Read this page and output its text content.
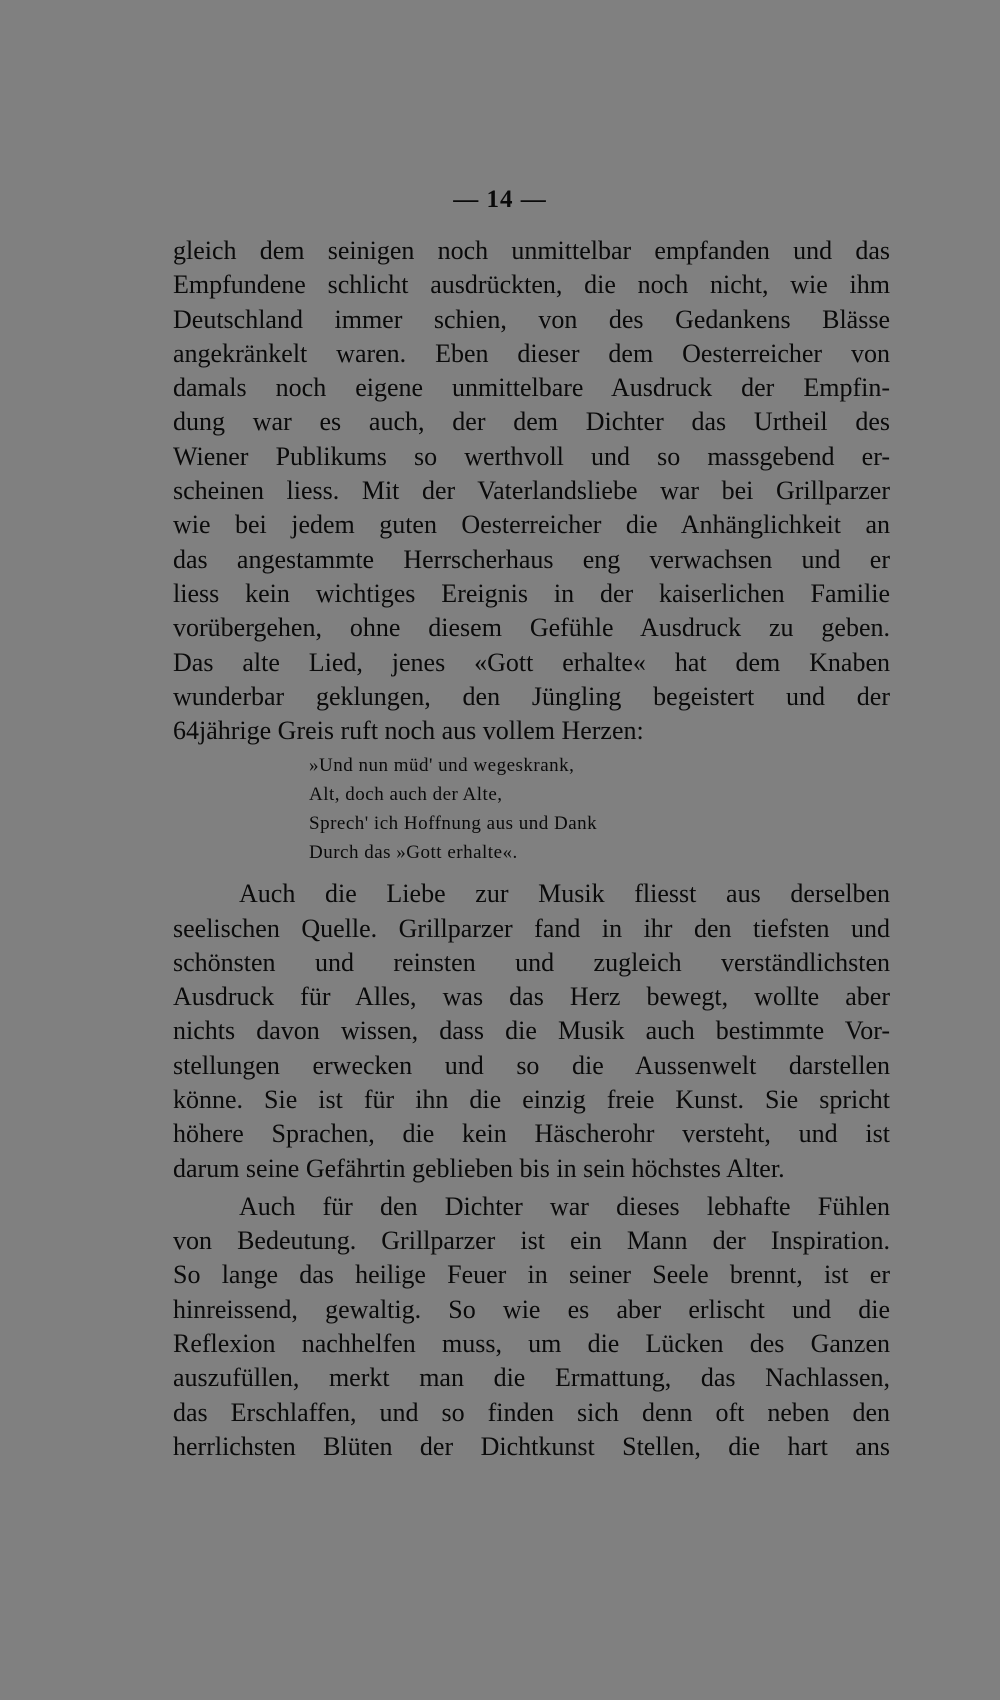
— 14 —
gleich dem seinigen noch unmittelbar empfanden und das
Empfundene schlicht ausdrückten, die noch nicht, wie ihm
Deutschland immer schien, von des Gedankens Blässe
angekränkelt waren. Eben dieser dem Oesterreicher von
damals noch eigene unmittelbare Ausdruck der Empfin-
dung war es auch, der dem Dichter das Urtheil des
Wiener Publikums so werthvoll und so massgebend er-
scheinen liess. Mit der Vaterlandsliebe war bei Grillparzer
wie bei jedem guten Oesterreicher die Anhänglichkeit an
das angestammte Herrscherhaus eng verwachsen und er
liess kein wichtiges Ereignis in der kaiserlichen Familie
vorübergehen, ohne diesem Gefühle Ausdruck zu geben.
Das alte Lied, jenes «Gott erhalte« hat dem Knaben
wunderbar geklungen, den Jüngling begeistert und der
64jährige Greis ruft noch aus vollem Herzen:
»Und nun müd' und wegeskrank,
Alt, doch auch der Alte,
Sprech' ich Hoffnung aus und Dank
Durch das »Gott erhalte«.
Auch die Liebe zur Musik fliesst aus derselben
seelischen Quelle. Grillparzer fand in ihr den tiefsten und
schönsten und reinsten und zugleich verständlichsten
Ausdruck für Alles, was das Herz bewegt, wollte aber
nichts davon wissen, dass die Musik auch bestimmte Vor-
stellungen erwecken und so die Aussenwelt darstellen
könne. Sie ist für ihn die einzig freie Kunst. Sie spricht
höhere Sprachen, die kein Häscherohr versteht, und ist
darum seine Gefährtin geblieben bis in sein höchstes Alter.
Auch für den Dichter war dieses lebhafte Fühlen
von Bedeutung. Grillparzer ist ein Mann der Inspiration.
So lange das heilige Feuer in seiner Seele brennt, ist er
hinreissend, gewaltig. So wie es aber erlischt und die
Reflexion nachhelfen muss, um die Lücken des Ganzen
auszufüllen, merkt man die Ermattung, das Nachlassen,
das Erschlaffen, und so finden sich denn oft neben den
herrlichsten Blüten der Dichtkunst Stellen, die hart ans
